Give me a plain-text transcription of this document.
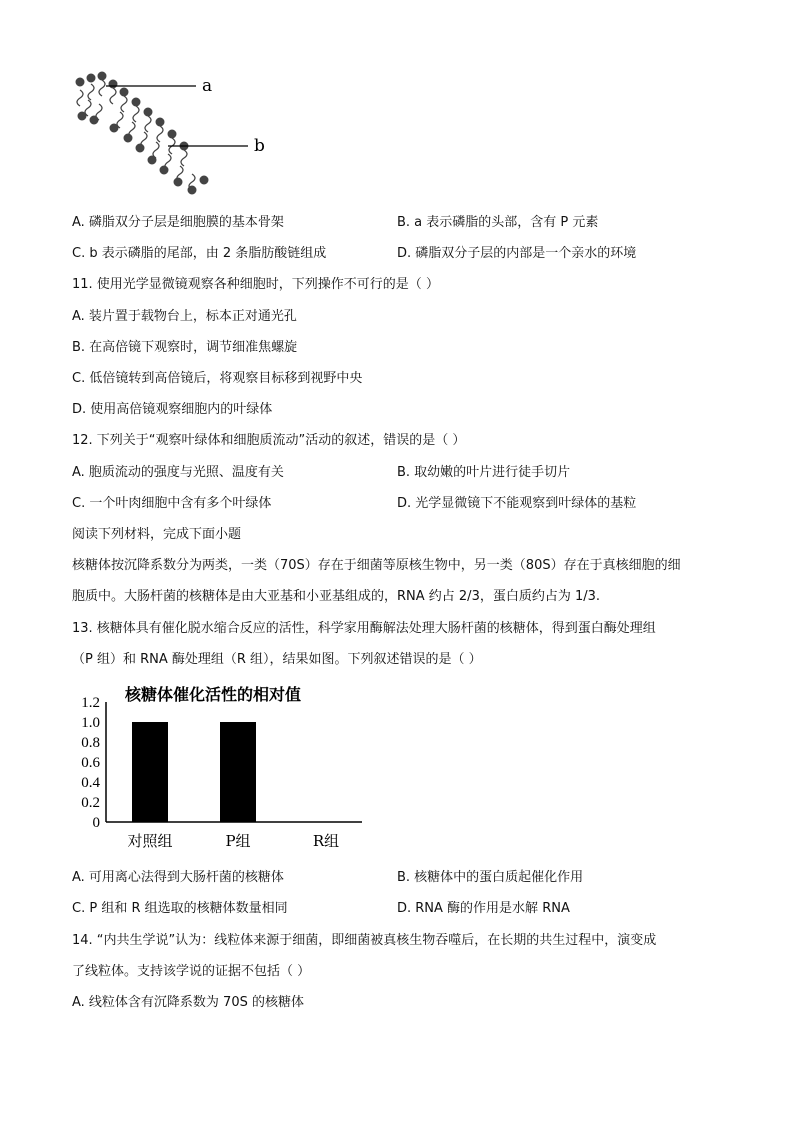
a
b
A. 磷脂双分子层是细胞膜的基本骨架	B. a 表示磷脂的头部，含有 P 元素
C. b 表示磷脂的尾部，由 2 条脂肪酸链组成	D. 磷脂双分子层的内部是一个亲水的环境
11. 使用光学显微镜观察各种细胞时，下列操作不可行的是（ ）
A. 装片置于载物台上，标本正对通光孔
B. 在高倍镜下观察时，调节细准焦螺旋
C. 低倍镜转到高倍镜后，将观察目标移到视野中央
D. 使用高倍镜观察细胞内的叶绿体
12. 下列关于“观察叶绿体和细胞质流动”活动的叙述，错误的是（ ）
A. 胞质流动的强度与光照、温度有关	B. 取幼嫩的叶片进行徒手切片
C. 一个叶肉细胞中含有多个叶绿体	D. 光学显微镜下不能观察到叶绿体的基粒
阅读下列材料，完成下面小题
核糖体按沉降系数分为两类，一类（70S）存在于细菌等原核生物中，另一类（80S）存在于真核细胞的细
胞质中。大肠杆菌的核糖体是由大亚基和小亚基组成的，RNA 约占 2/3，蛋白质约占为 1/3.
13. 核糖体具有催化脱水缩合反应的活性，科学家用酶解法处理大肠杆菌的核糖体，得到蛋白酶处理组
（P 组）和 RNA 酶处理组（R 组），结果如图。下列叙述错误的是（ ）
核糖体催化活性的相对值
0
0.2
0.4
0.6
0.8
1.0
1.2
对照组	P组	R组
A. 可用离心法得到大肠杆菌的核糖体	B. 核糖体中的蛋白质起催化作用
C. P 组和 R 组选取的核糖体数量相同	D. RNA 酶的作用是水解 RNA
14. “内共生学说”认为：线粒体来源于细菌，即细菌被真核生物吞噬后，在长期的共生过程中，演变成
了线粒体。支持该学说的证据不包括（ ）
A. 线粒体含有沉降系数为 70S 的核糖体
